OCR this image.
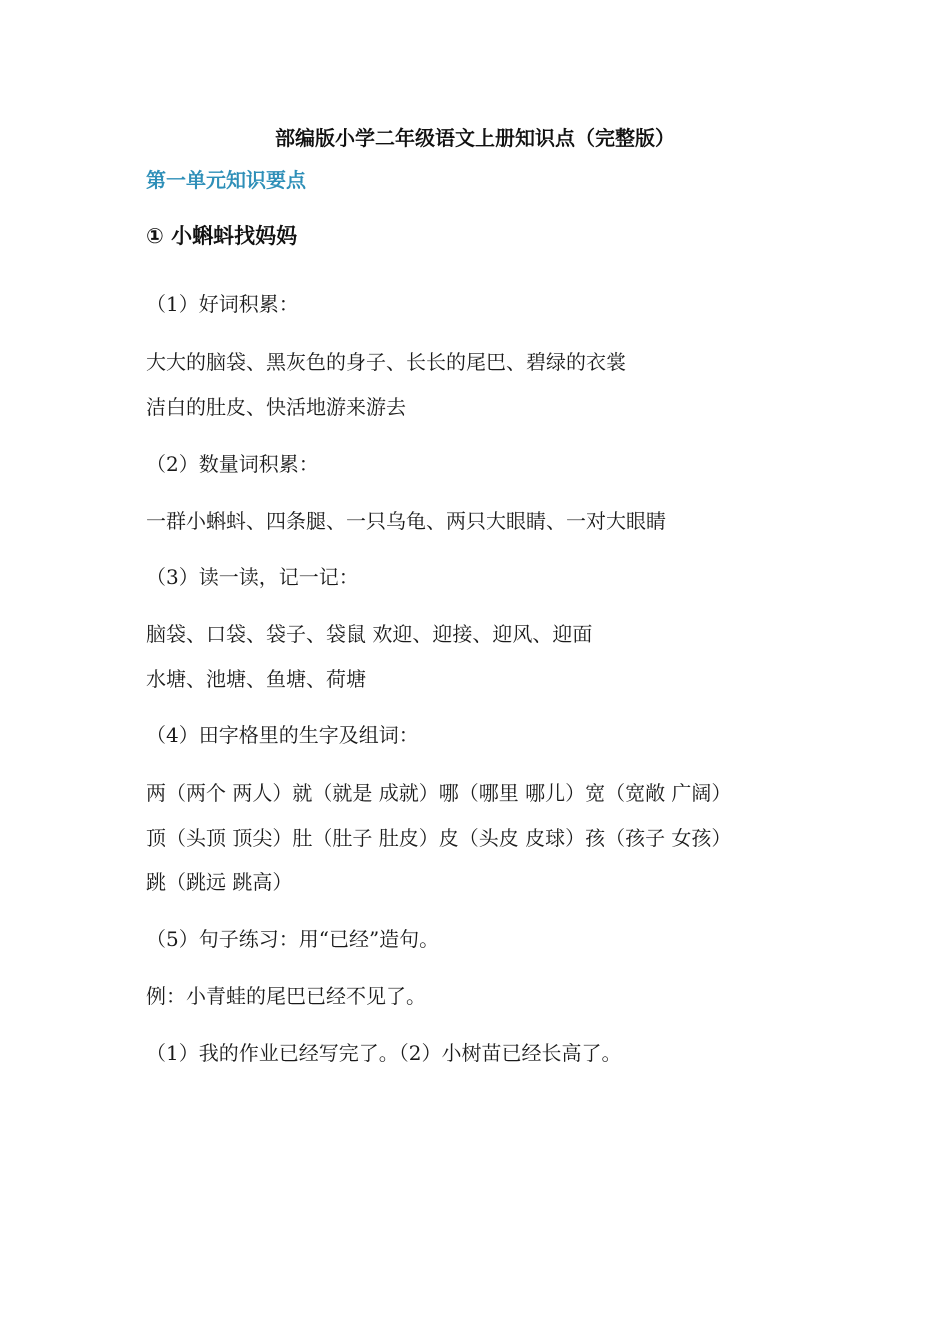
部编版小学二年级语文上册知识点（完整版）
第一单元知识要点
① 小蝌蚪找妈妈
（1）好词积累：
大大的脑袋、黑灰色的身子、长长的尾巴、碧绿的衣裳
洁白的肚皮、快活地游来游去
（2）数量词积累：
一群小蝌蚪、四条腿、一只乌龟、两只大眼睛、一对大眼睛
（3）读一读，记一记：
脑袋、口袋、袋子、袋鼠 欢迎、迎接、迎风、迎面
水塘、池塘、鱼塘、荷塘
（4）田字格里的生字及组词：
两（两个 两人）就（就是 成就）哪（哪里 哪儿）宽（宽敞 广阔）
顶（头顶 顶尖）肚（肚子 肚皮）皮（头皮 皮球）孩（孩子 女孩）
跳（跳远 跳高）
（5）句子练习：用“已经”造句。
例：小青蛙的尾巴已经不见了。
（1）我的作业已经写完了。（2）小树苗已经长高了。
